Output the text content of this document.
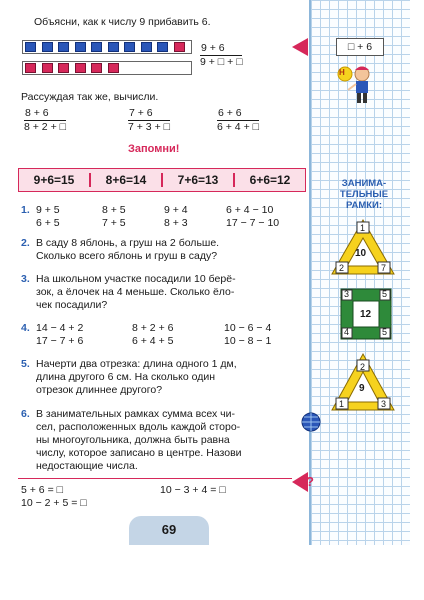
Объясни, как к числу 9 прибавить 6.
$\frac{9 + 6}{9 + □ + □}$	□ + 6
Н
Рассуждая так же, вычисли.
$\frac{8 + 6}{8 + 2 + □}$	$\frac{7 + 6}{7 + 3 + □}$	$\frac{6 + 6}{6 + 4 + □}$
Запомни!
9+6=15	8+6=14	7+6=13	6+6=12
1. 9 + 5	8 + 5	9 + 4	6 + 4 − 10
6 + 5	7 + 5	8 + 3	17 − 7 − 10
2. В саду 8 яблонь, а груш на 2 больше.
Сколько всего яблонь и груш в саду?
3. На школьном участке посадили 10 берё-
зок, а ёлочек на 4 меньше. Сколько ёло-
чек посадили?
4. 14 − 4 + 2	8 + 2 + 6	10 − 6 − 4
17 − 7 + 6	6 + 4 + 5	10 − 8 − 1
5. Начерти два отрезка: длина одного 1 дм,
длина другого 6 см. На сколько один
отрезок длиннее другого?
6. В занимательных рамках сумма всех чи-
сел, расположенных вдоль каждой сторо-
ны многоугольника, должна быть равна
числу, которое записано в центре. Назови
недостающие числа.
?
5 + 6 = □	10 − 3 + 4 = □
10 − 2 + 5 = □
69
ЗАНИМА-
ТЕЛЬНЫЕ
РАМКИ:
1
2	7
10
3	5
4	5
12
2
1	3
9
